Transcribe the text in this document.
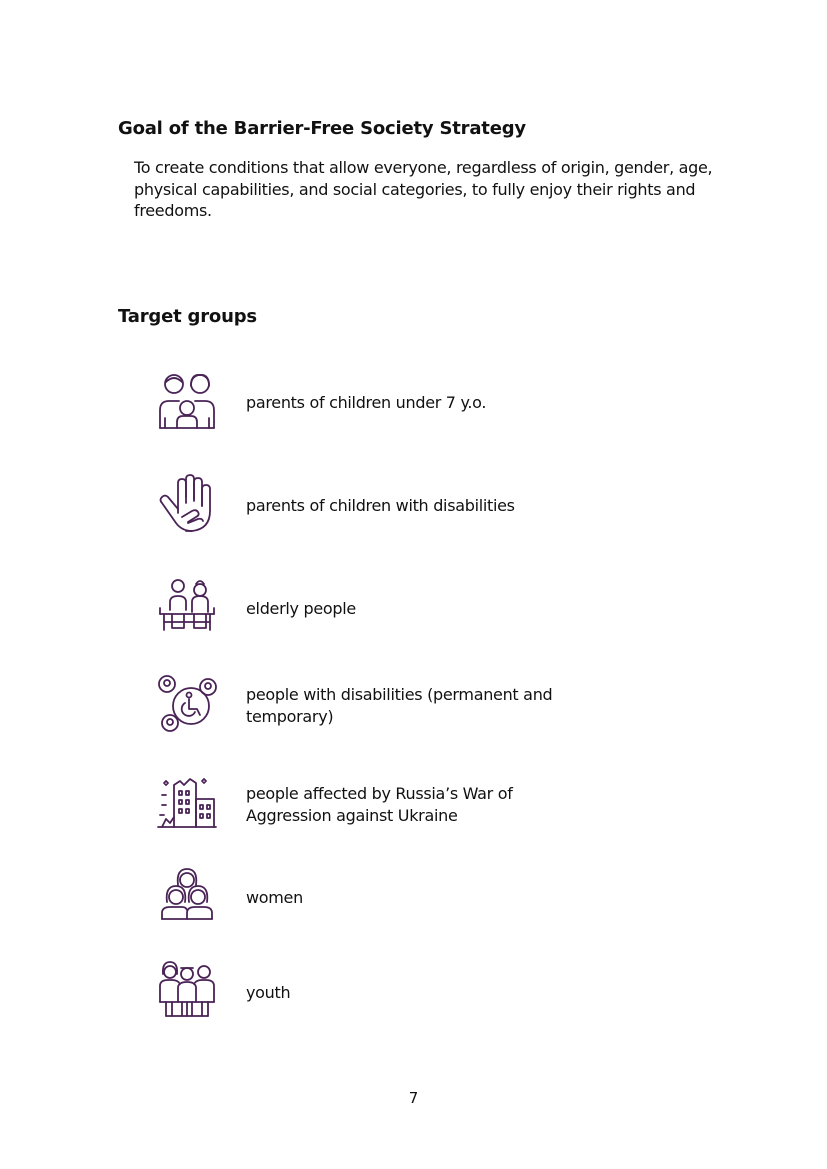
Goal of the Barrier-Free Society Strategy

To create conditions that allow everyone, regardless of origin, gender, age, physical capabilities, and social categories, to fully enjoy their rights and freedoms.

Target groups
parents of children under 7 y.o.
parents of children with disabilities
elderly people
people with disabilities (permanent and
temporary)
people affected by Russia’s War of
Aggression against Ukraine
women
youth
7
